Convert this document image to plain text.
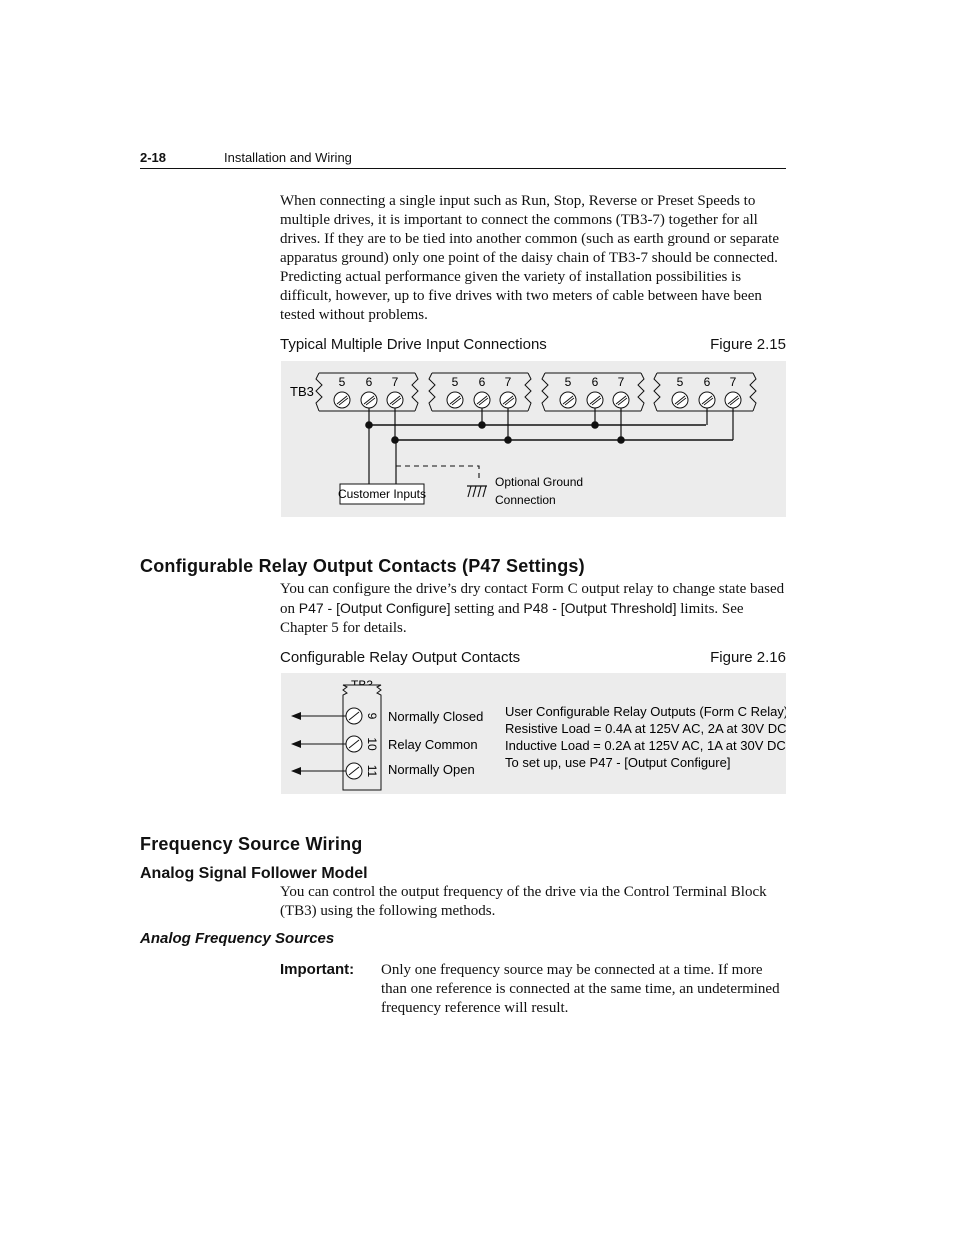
2-18	Installation and Wiring
When connecting a single input such as Run, Stop, Reverse or Preset Speeds to multiple drives, it is important to connect the commons (TB3-7) together for all drives. If they are to be tied into another common (such as earth ground or separate apparatus ground) only one point of the daisy chain of TB3-7 should be connected. Predicting actual performance given the variety of installation possibilities is difficult, however, up to five drives with two meters of cable between have been tested without problems.
Typical Multiple Drive Input Connections	Figure 2.15
TB3
5 6 7	5 6 7	5 6 7	5 6 7
Customer Inputs
Optional Ground
Connection
Configurable Relay Output Contacts (P47 Settings)
You can configure the drive’s dry contact Form C output relay to change state based on P47 - [Output Configure] setting and P48 - [Output Threshold] limits. See Chapter 5 for details.
Configurable Relay Output Contacts	Figure 2.16
9 Normally Closed
10 Relay Common
11 Normally Open
User Configurable Relay Outputs (Form C Relay)
Resistive Load = 0.4A at 125V AC, 2A at 30V DC
Inductive Load = 0.2A at 125V AC, 1A at 30V DC
To set up, use P47 - [Output Configure]
Frequency Source Wiring
Analog Signal Follower Model
You can control the output frequency of the drive via the Control Terminal Block (TB3) using the following methods.
Analog Frequency Sources
Important: Only one frequency source may be connected at a time. If more than one reference is connected at the same time, an undetermined frequency reference will result.
